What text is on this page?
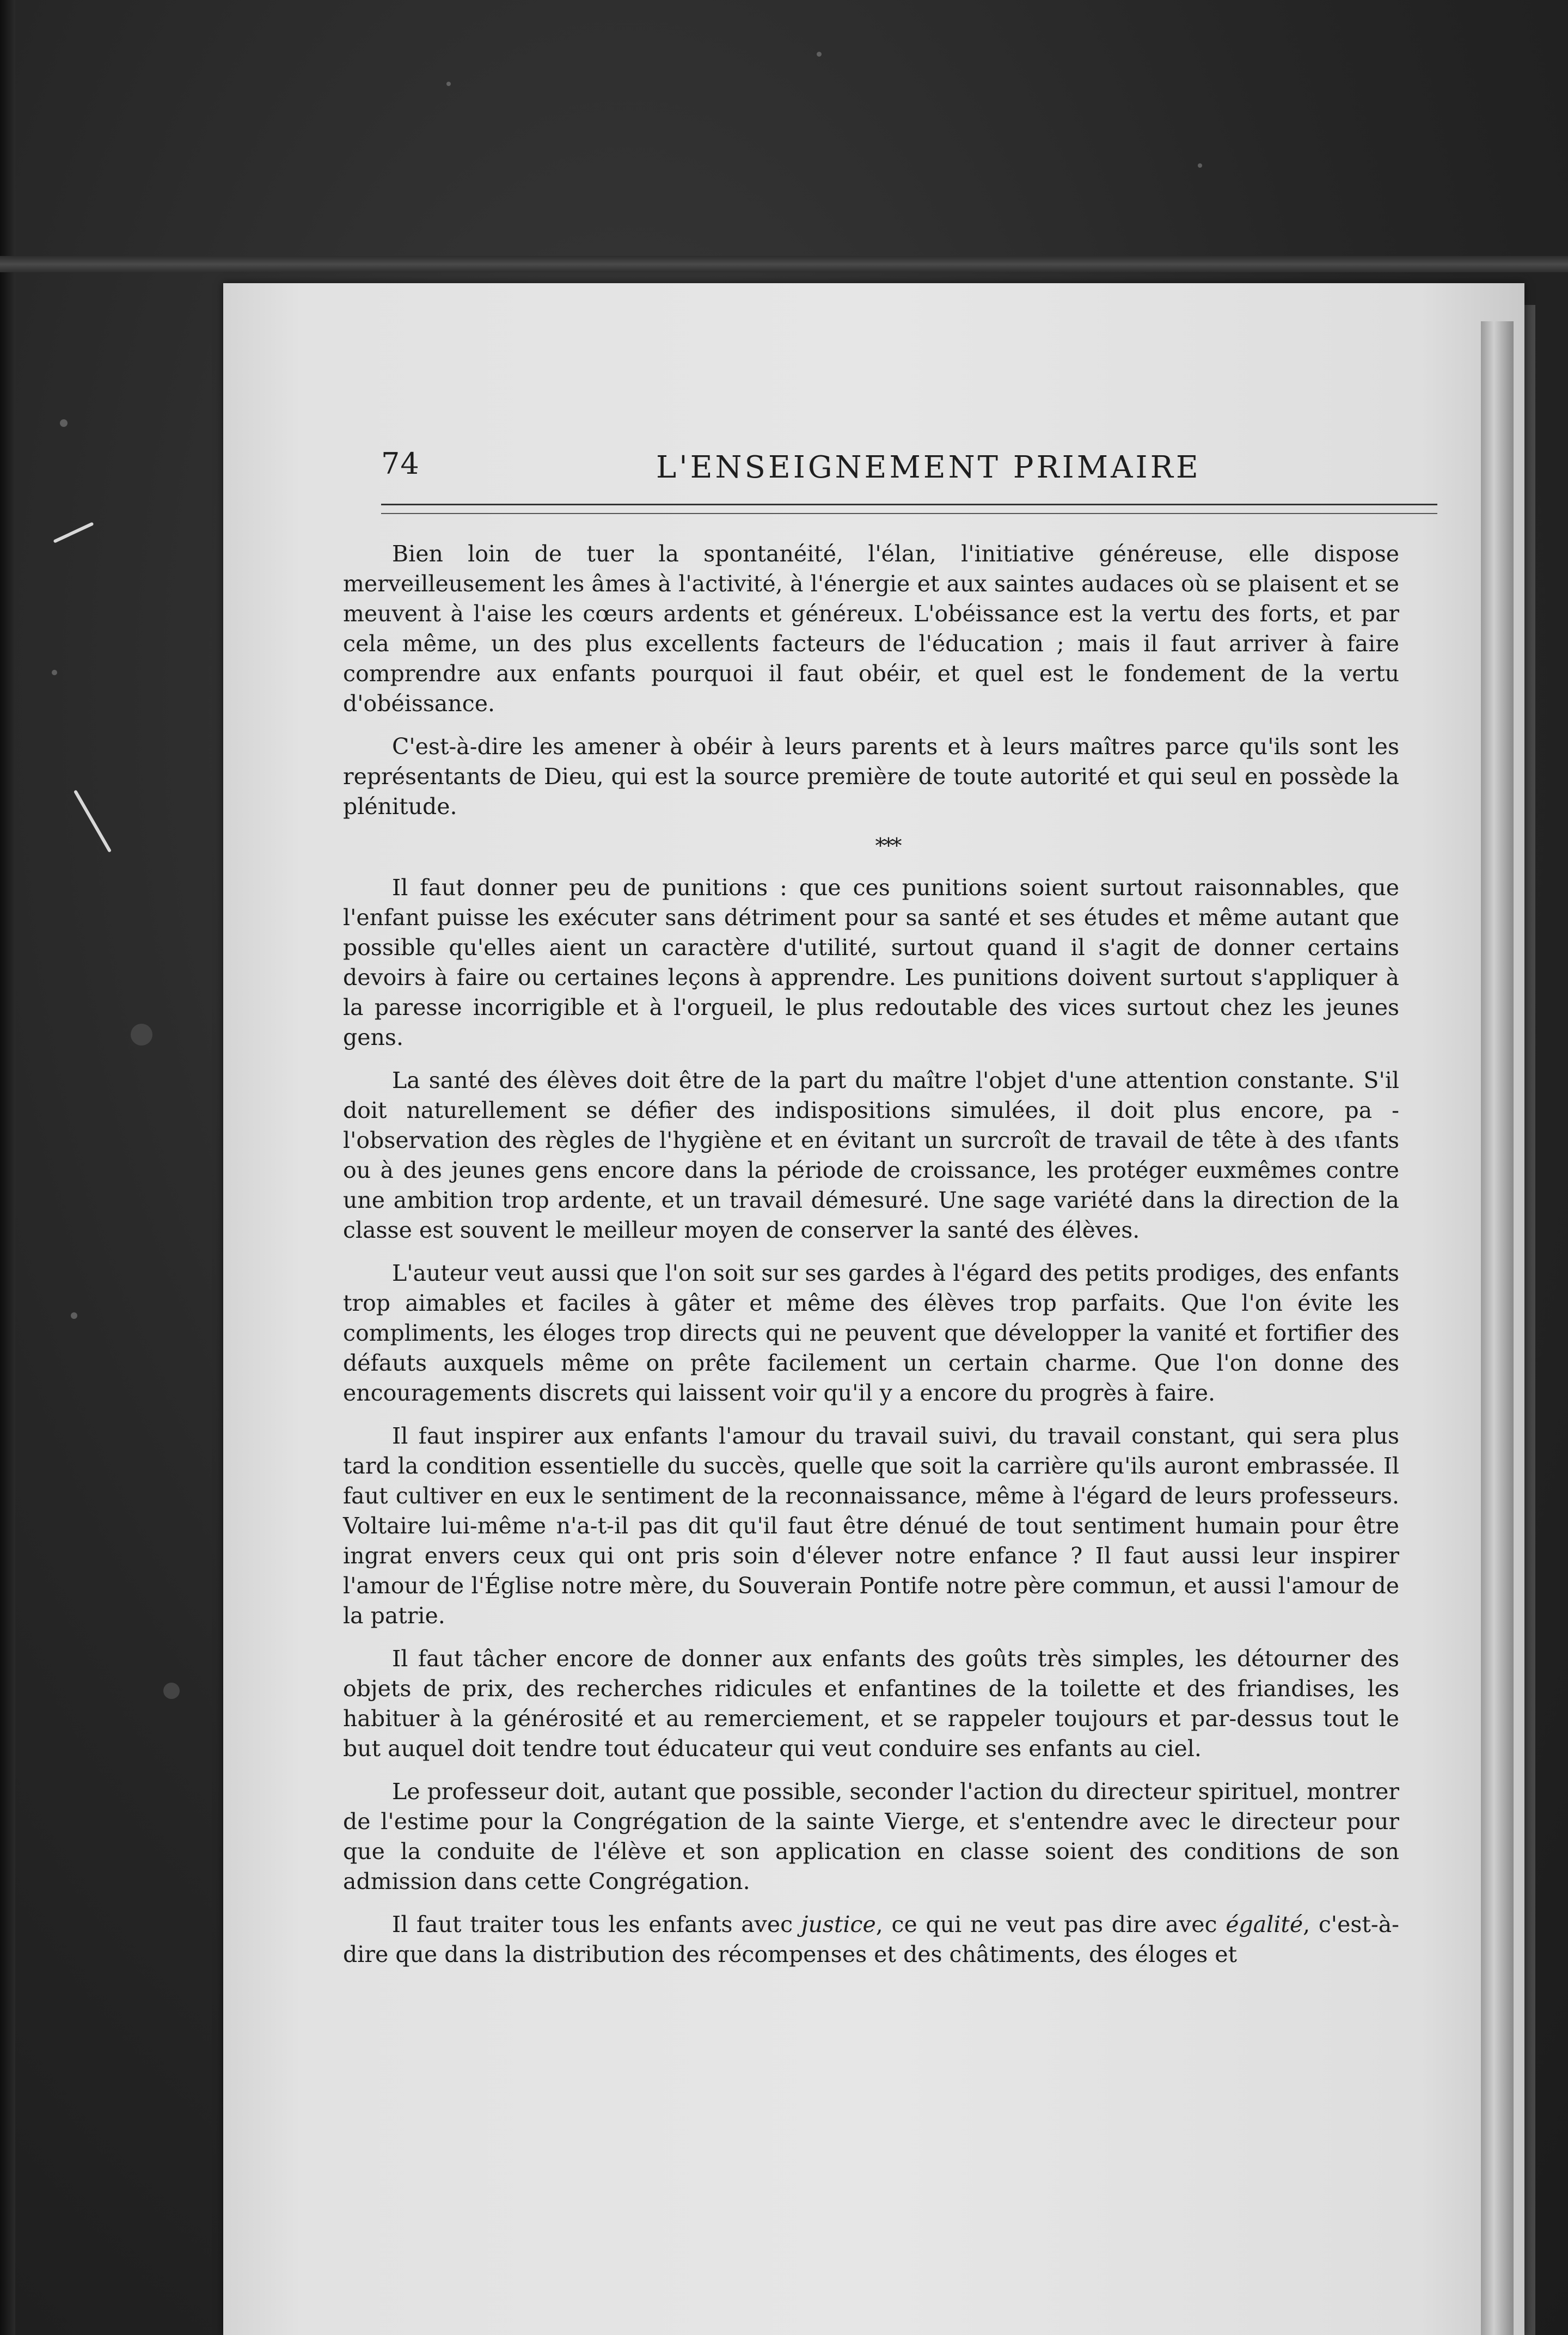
74	L'ENSEIGNEMENT PRIMAIRE

Bien loin de tuer la spontanéité, l'élan, l'initiative généreuse, elle dispose merveilleusement les âmes à l'activité, à l'énergie et aux saintes audaces où se plaisent et se meuvent à l'aise les cœurs ardents et généreux. L'obéissance est la vertu des forts, et par cela même, un des plus excellents facteurs de l'éducation ; mais il faut arriver à faire comprendre aux enfants pourquoi il faut obéir, et quel est le fondement de la vertu d'obéissance.

C'est-à-dire les amener à obéir à leurs parents et à leurs maîtres parce qu'ils sont les représentants de Dieu, qui est la source première de toute autorité et qui seul en possède la plénitude.

***

Il faut donner peu de punitions : que ces punitions soient surtout raisonnables, que l'enfant puisse les exécuter sans détriment pour sa santé et ses études et même autant que possible qu'elles aient un caractère d'utilité, surtout quand il s'agit de donner certains devoirs à faire ou certaines leçons à apprendre. Les punitions doivent surtout s'appliquer à la paresse incorrigible et à l'orgueil, le plus redoutable des vices surtout chez les jeunes gens.

La santé des élèves doit être de la part du maître l'objet d'une attention constante. S'il doit naturellement se défier des indispositions simulées, il doit plus encore, pa - l'observation des règles de l'hygiène et en évitant un surcroît de travail de tête à des ɩfants ou à des jeunes gens encore dans la période de croissance, les protéger euxmêmes contre une ambition trop ardente, et un travail démesuré. Une sage variété dans la direction de la classe est souvent le meilleur moyen de conserver la santé des élèves.

L'auteur veut aussi que l'on soit sur ses gardes à l'égard des petits prodiges, des enfants trop aimables et faciles à gâter et même des élèves trop parfaits. Que l'on évite les compliments, les éloges trop directs qui ne peuvent que développer la vanité et fortifier des défauts auxquels même on prête facilement un certain charme. Que l'on donne des encouragements discrets qui laissent voir qu'il y a encore du progrès à faire.

Il faut inspirer aux enfants l'amour du travail suivi, du travail constant, qui sera plus tard la condition essentielle du succès, quelle que soit la carrière qu'ils auront embrassée. Il faut cultiver en eux le sentiment de la reconnaissance, même à l'égard de leurs professeurs. Voltaire lui-même n'a-t-il pas dit qu'il faut être dénué de tout sentiment humain pour être ingrat envers ceux qui ont pris soin d'élever notre enfance ? Il faut aussi leur inspirer l'amour de l'Église notre mère, du Souverain Pontife notre père commun, et aussi l'amour de la patrie.

Il faut tâcher encore de donner aux enfants des goûts très simples, les détourner des objets de prix, des recherches ridicules et enfantines de la toilette et des friandises, les habituer à la générosité et au remerciement, et se rappeler toujours et par-dessus tout le but auquel doit tendre tout éducateur qui veut conduire ses enfants au ciel.

Le professeur doit, autant que possible, seconder l'action du directeur spirituel, montrer de l'estime pour la Congrégation de la sainte Vierge, et s'entendre avec le directeur pour que la conduite de l'élève et son application en classe soient des conditions de son admission dans cette Congrégation.

Il faut traiter tous les enfants avec justice, ce qui ne veut pas dire avec égalité, c'est-à-dire que dans la distribution des récompenses et des châtiments, des éloges et
